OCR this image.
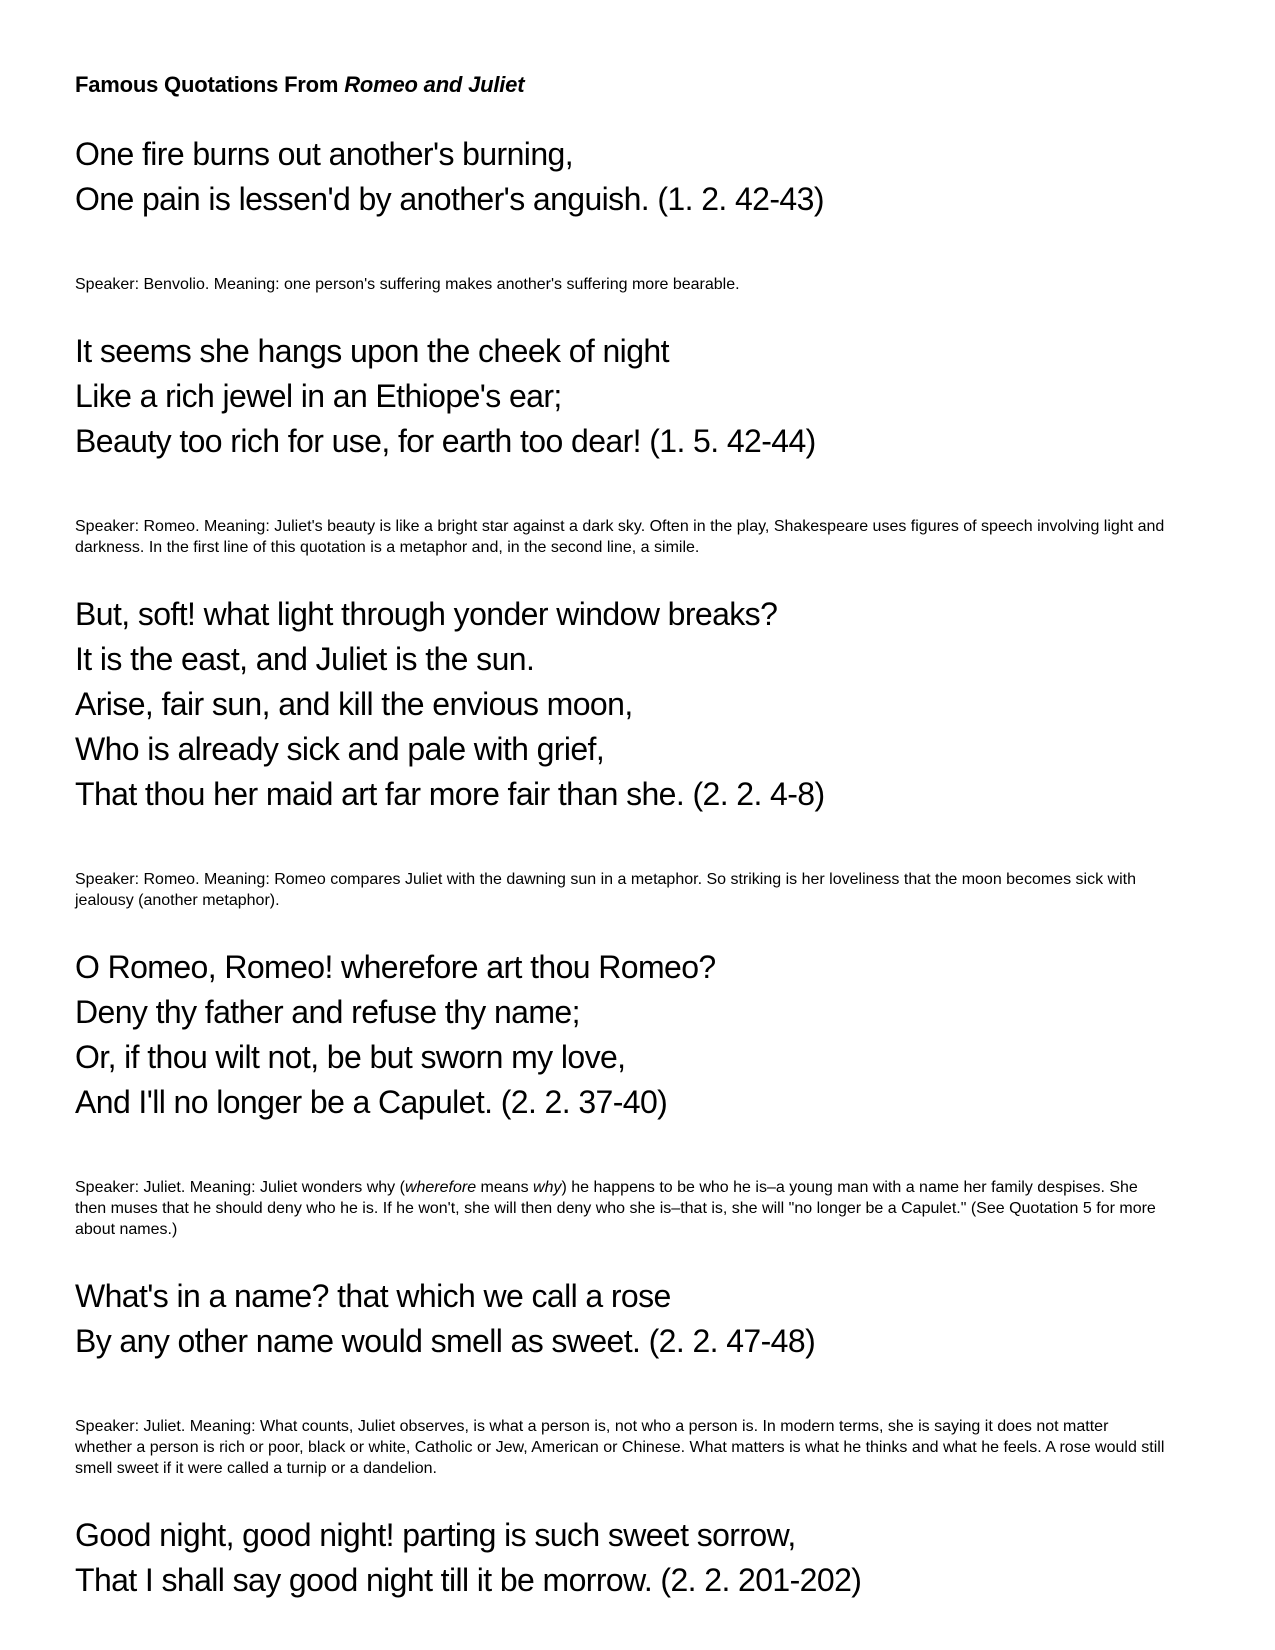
Famous Quotations From Romeo and Juliet
One fire burns out another's burning,
One pain is lessen'd by another's anguish. (1. 2. 42-43)

Speaker: Benvolio. Meaning: one person's suffering makes another's suffering more bearable.

It seems she hangs upon the cheek of night
Like a rich jewel in an Ethiope's ear;
Beauty too rich for use, for earth too dear! (1. 5. 42-44)

Speaker: Romeo. Meaning: Juliet's beauty is like a bright star against a dark sky. Often in the play, Shakespeare uses figures of speech involving light and darkness. In the first line of this quotation is a metaphor and, in the second line, a simile.

But, soft! what light through yonder window breaks?
It is the east, and Juliet is the sun.
Arise, fair sun, and kill the envious moon,
Who is already sick and pale with grief,
That thou her maid art far more fair than she. (2. 2. 4-8)

Speaker: Romeo. Meaning: Romeo compares Juliet with the dawning sun in a metaphor. So striking is her loveliness that the moon becomes sick with jealousy (another metaphor).

O Romeo, Romeo! wherefore art thou Romeo?
Deny thy father and refuse thy name;
Or, if thou wilt not, be but sworn my love,
And I'll no longer be a Capulet. (2. 2. 37-40)

Speaker: Juliet. Meaning: Juliet wonders why (wherefore means why) he happens to be who he is–a young man with a name her family despises. She then muses that he should deny who he is. If he won't, she will then deny who she is–that is, she will "no longer be a Capulet." (See Quotation 5 for more about names.)

What's in a name? that which we call a rose
By any other name would smell as sweet. (2. 2. 47-48)

Speaker: Juliet. Meaning: What counts, Juliet observes, is what a person is, not who a person is. In modern terms, she is saying it does not matter whether a person is rich or poor, black or white, Catholic or Jew, American or Chinese. What matters is what he thinks and what he feels. A rose would still smell sweet if it were called a turnip or a dandelion.

Good night, good night! parting is such sweet sorrow,
That I shall say good night till it be morrow. (2. 2. 201-202)
